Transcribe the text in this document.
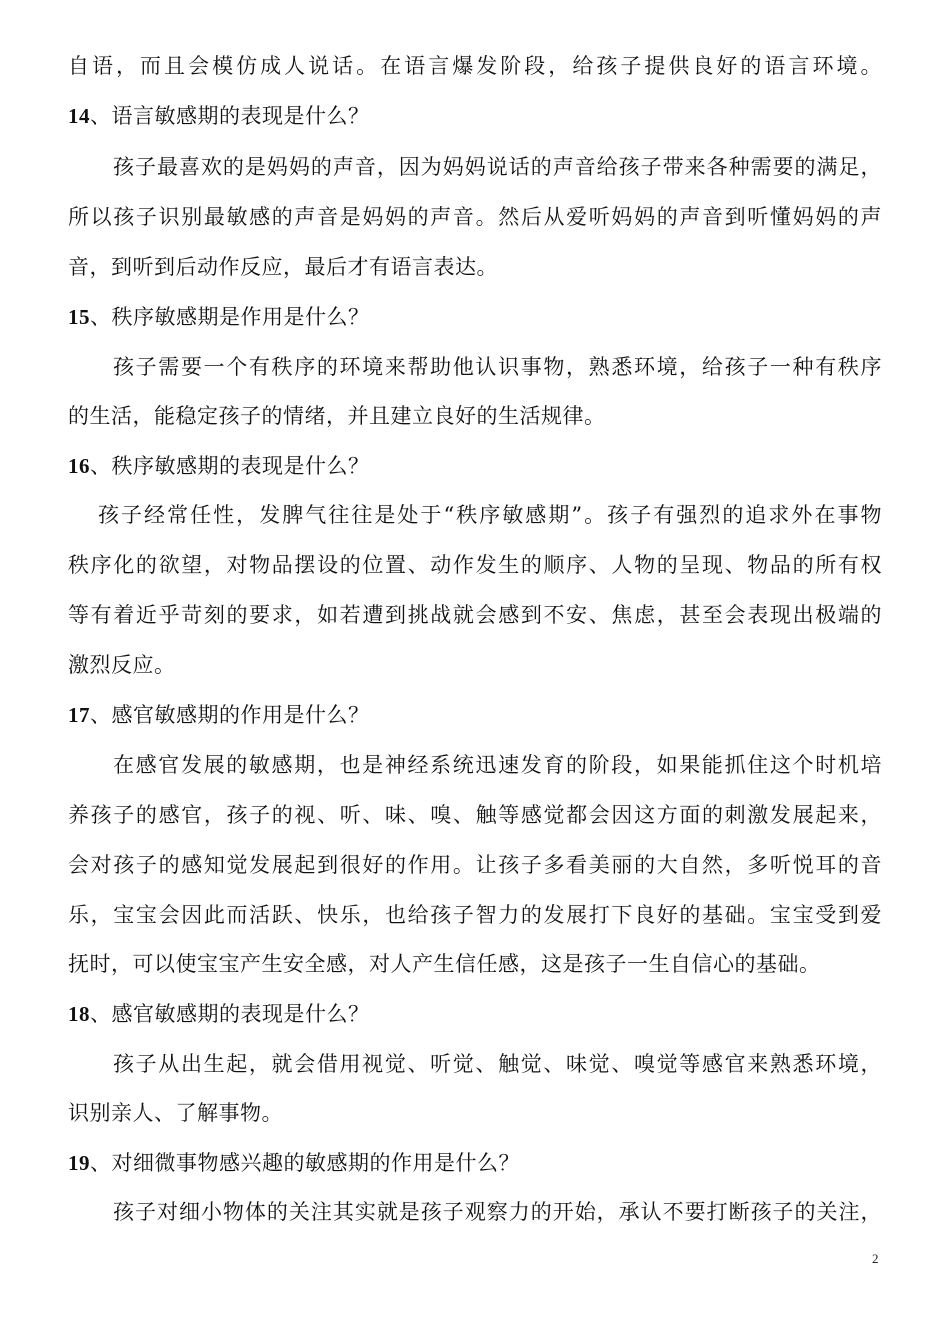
自语，而且会模仿成人说话。在语言爆发阶段，给孩子提供良好的语言环境。
14、语言敏感期的表现是什么？
孩子最喜欢的是妈妈的声音，因为妈妈说话的声音给孩子带来各种需要的满足，
所以孩子识别最敏感的声音是妈妈的声音。然后从爱听妈妈的声音到听懂妈妈的声
音，到听到后动作反应，最后才有语言表达。
15、秩序敏感期是作用是什么？
孩子需要一个有秩序的环境来帮助他认识事物，熟悉环境，给孩子一种有秩序
的生活，能稳定孩子的情绪，并且建立良好的生活规律。
16、秩序敏感期的表现是什么？
孩子经常任性，发脾气往往是处于“秩序敏感期”。孩子有强烈的追求外在事物
秩序化的欲望，对物品摆设的位置、动作发生的顺序、人物的呈现、物品的所有权
等有着近乎苛刻的要求，如若遭到挑战就会感到不安、焦虑，甚至会表现出极端的
激烈反应。
17、感官敏感期的作用是什么？
在感官发展的敏感期，也是神经系统迅速发育的阶段，如果能抓住这个时机培
养孩子的感官，孩子的视、听、味、嗅、触等感觉都会因这方面的刺激发展起来，
会对孩子的感知觉发展起到很好的作用。让孩子多看美丽的大自然，多听悦耳的音
乐，宝宝会因此而活跃、快乐，也给孩子智力的发展打下良好的基础。宝宝受到爱
抚时，可以使宝宝产生安全感，对人产生信任感，这是孩子一生自信心的基础。
18、感官敏感期的表现是什么？
孩子从出生起，就会借用视觉、听觉、触觉、味觉、嗅觉等感官来熟悉环境，
识别亲人、了解事物。
19、对细微事物感兴趣的敏感期的作用是什么？
孩子对细小物体的关注其实就是孩子观察力的开始，承认不要打断孩子的关注，
2
